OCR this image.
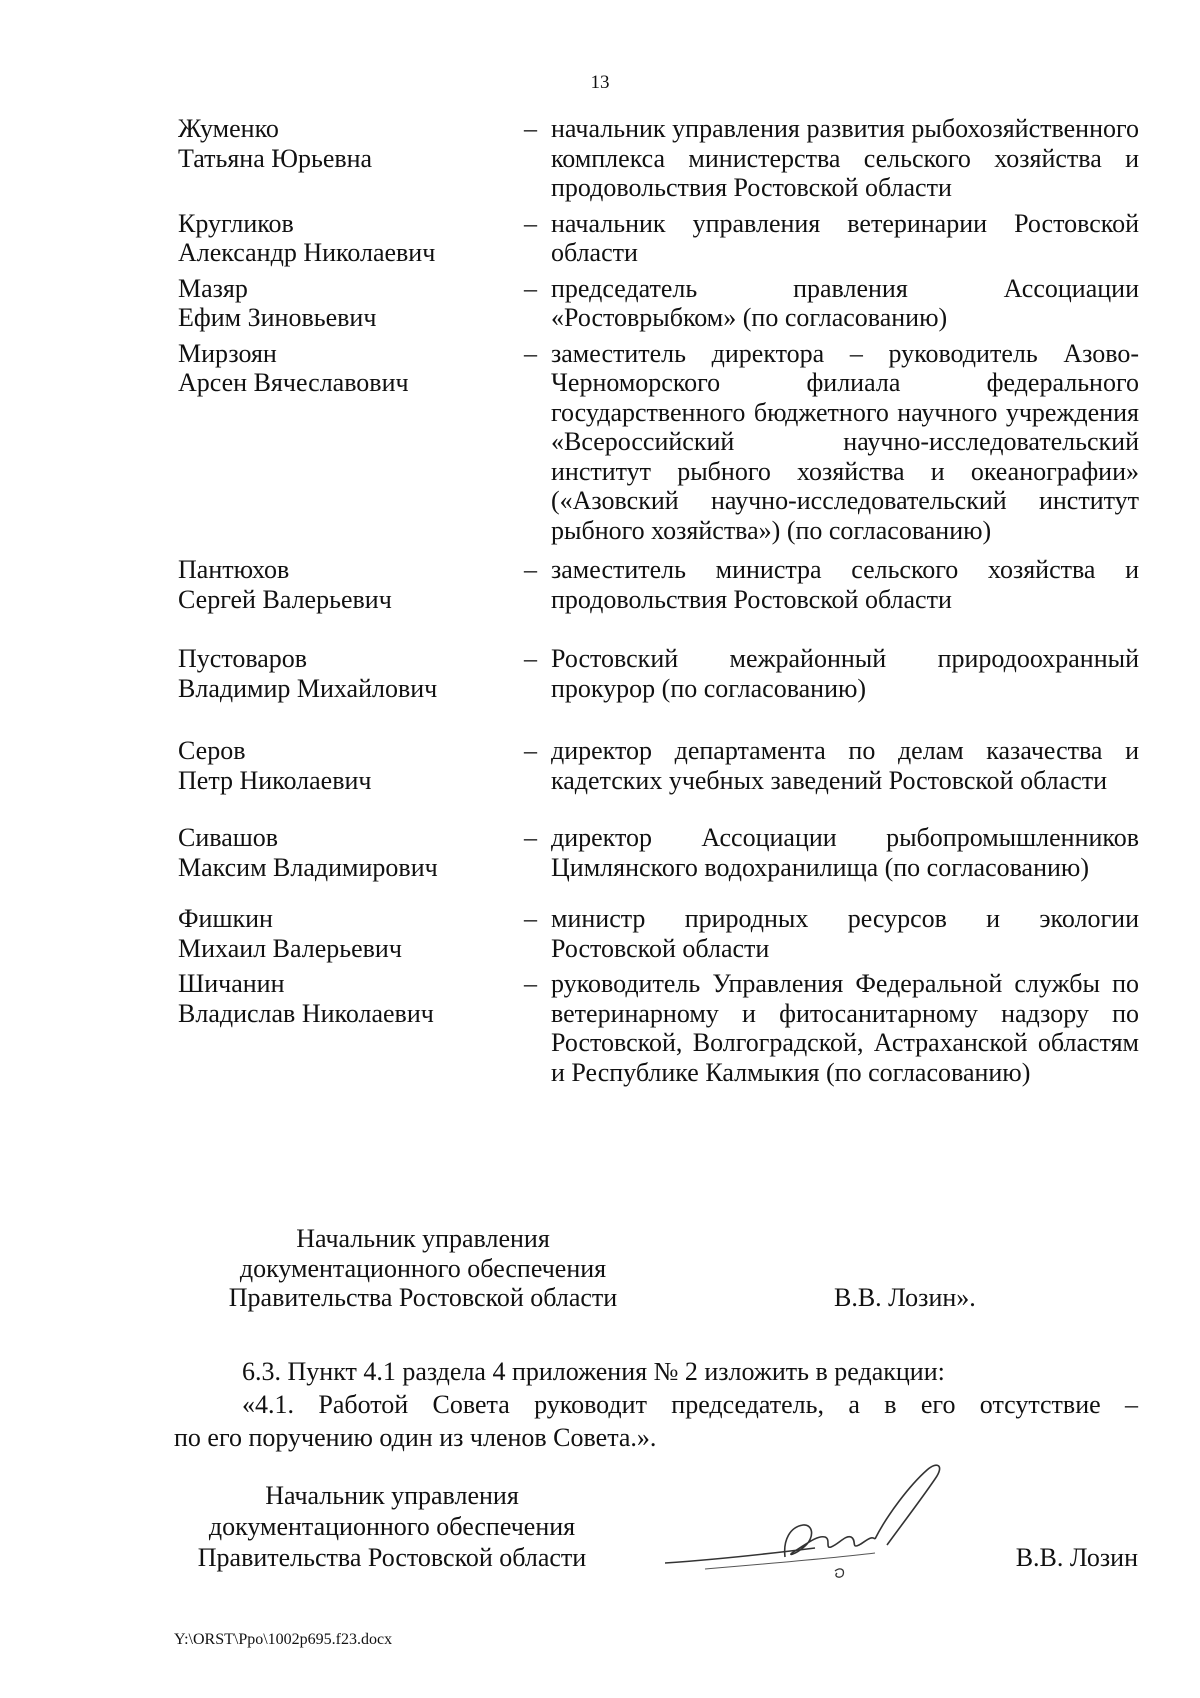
13
Жуменко
Татьяна Юрьевна
– начальник управления развития рыбохозяйственного комплекса министерства сельского хозяйства и продовольствия Ростовской области
Кругликов
Александр Николаевич
– начальник управления ветеринарии Ростовской области
Мазяр
Ефим Зиновьевич
– председатель правления Ассоциации «Ростоврыбком» (по согласованию)
Мирзоян
Арсен Вячеславович
– заместитель директора – руководитель Азово-Черноморского филиала федерального государственного бюджетного научного учреждения «Всероссийский научно-исследовательский институт рыбного хозяйства и океанографии» («Азовский научно-исследовательский институт рыбного хозяйства») (по согласованию)
Пантюхов
Сергей Валерьевич
– заместитель министра сельского хозяйства и продовольствия Ростовской области
Пустоваров
Владимир Михайлович
– Ростовский межрайонный природоохранный прокурор (по согласованию)
Серов
Петр Николаевич
– директор департамента по делам казачества и кадетских учебных заведений Ростовской области
Сивашов
Максим Владимирович
– директор Ассоциации рыбопромышленников Цимлянского водохранилища (по согласованию)
Фишкин
Михаил Валерьевич
– министр природных ресурсов и экологии Ростовской области
Шичанин
Владислав Николаевич
– руководитель Управления Федеральной службы по ветеринарному и фитосанитарному надзору по Ростовской, Волгоградской, Астраханской областям и Республике Калмыкия (по согласованию)
Начальник управления
документационного обеспечения
Правительства Ростовской области	В.В. Лозин».

6.3. Пункт 4.1 раздела 4 приложения № 2 изложить в редакции:

«4.1. Работой Совета руководит председатель, а в его отсутствие –

по его поручению один из членов Совета.».

Начальник управления
документационного обеспечения
Правительства Ростовской области	В.В. Лозин
Y:\ORST\Ppo\1002p695.f23.docx
